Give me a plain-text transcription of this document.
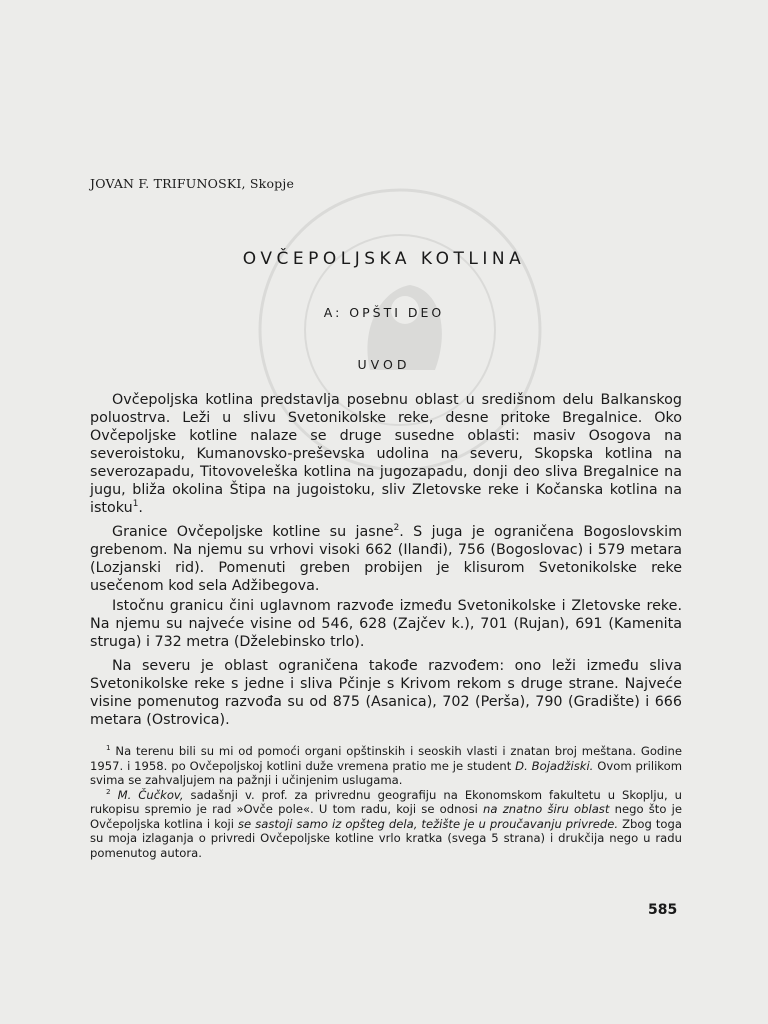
JOVAN F. TRIFUNOSKI, Skopje
OVČEPOLJSKA KOTLINA
A: OPŠTI DEO
UVOD

Ovčepoljska kotlina predstavlja posebnu oblast u središnom delu Balkanskog poluostrva. Leži u slivu Svetonikolske reke, desne pritoke Bregalnice. Oko Ovčepoljske kotline nalaze se druge susedne oblasti: masiv Osogova na severoistoku, Kumanovsko-preševska udolina na severu, Skopska kotlina na severozapadu, Titovoveleška kotlina na jugozapadu, donji deo sliva Bregalnice na jugu, bliža okolina Štipa na jugoistoku, sliv Zletovske reke i Kočanska kotlina na istoku$^1$.

Granice Ovčepoljske kotline su jasne$^2$. S juga je ograničena Bogoslovskim grebenom. Na njemu su vrhovi visoki 662 (Ilanđi), 756 (Bogoslovac) i 579 metara (Lozjanski rid). Pomenuti greben probijen je klisurom Svetonikolske reke usečenom kod sela Adžibegova.

Istočnu granicu čini uglavnom razvođe između Svetonikolske i Zletovske reke. Na njemu su najveće visine od 546, 628 (Zajčev k.), 701 (Rujan), 691 (Kamenita struga) i 732 metra (Dželebinsko trlo).

Na severu je oblast ograničena takođe razvođem: ono leži između sliva Svetonikolske reke s jedne i sliva Pčinje s Krivom rekom s druge strane. Najveće visine pomenutog razvođa su od 875 (Asanica), 702 (Perša), 790 (Gradište) i 666 metara (Ostrovica).

$^1$ Na terenu bili su mi od pomoći organi opštinskih i seoskih vlasti i znatan broj meštana. Godine 1957. i 1958. po Ovčepoljskoj kotlini duže vremena pratio me je student D. Bojadžiski. Ovom prilikom svima se zahvaljujem na pažnji i učinjenim uslugama.

$^2$ M. Čučkov, sadašnji v. prof. za privrednu geografiju na Ekonomskom fakultetu u Skoplju, u rukopisu spremio je rad »Ovče pole«. U tom radu, koji se odnosi na znatno širu oblast nego što je Ovčepoljska kotlina i koji se sastoji samo iz opšteg dela, težište je u proučavanju privrede. Zbog toga su moja izlaganja o privredi Ovčepoljske kotline vrlo kratka (svega 5 strana) i drukčija nego u radu pomenutog autora.

585
